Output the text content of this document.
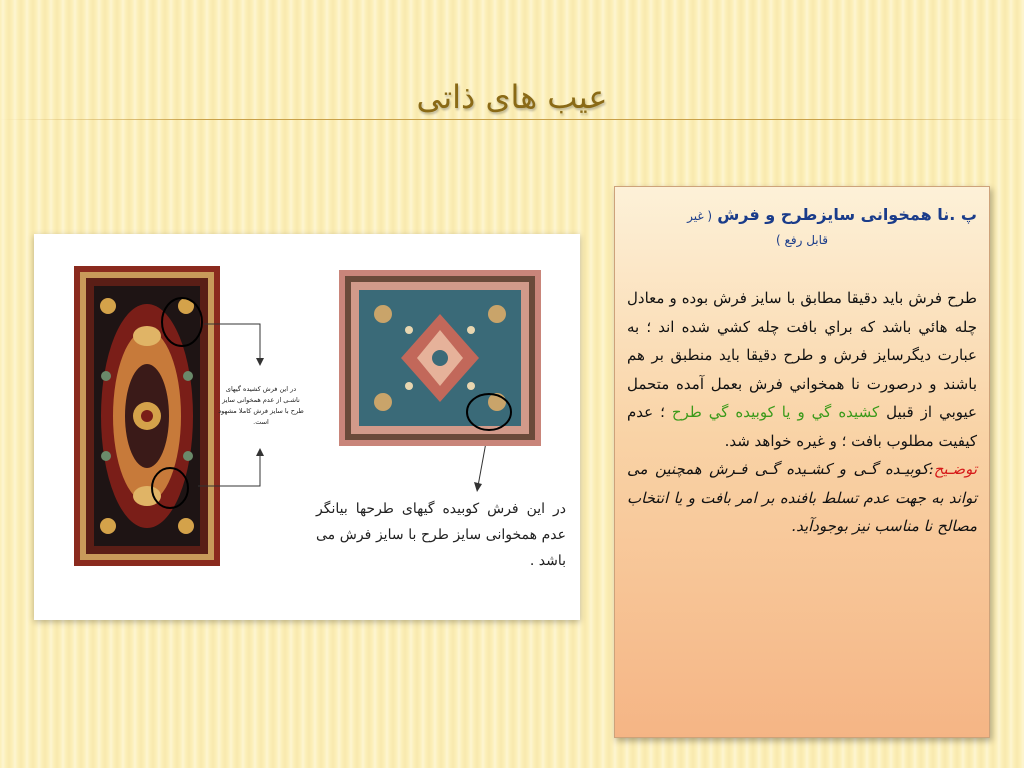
عیب های ذاتی
در این فرش کشیده گیهای ناشـی از عدم همخوانی سایز طرح با سایز فرش کاملا مشهود است.
در این فرش کوبیده گیهای طرحها بیانگر عدم همخوانی سایز طرح با سایز فرش می باشد .
پ .نا همخوانی سایزطرح و فرش ( غیر
قابل رفع )
طرح فرش بايد دقيقا مطابق با سايز فرش بوده و معادل چله هائي باشد كه براي بافت چله كشي شده اند ؛ به عبارت ديگرسايز فرش و طرح دقيقا بايد منطبق بر هم باشند و درصورت نا همخواني فرش بعمل آمده متحمل عيوبي از قبيل كشيده گي و يا كوبيده گي طرح ؛ عدم كيفيت مطلوب بافت ؛ و غيره خواهد شد.
توضـیح:کوبیـده گـی و کشـیده گـی فـرش همچنین می تواند به جهت عدم تسلط بافنده بر امر بافت و یا انتخاب مصالح نا مناسب نیز بوجودآید.
